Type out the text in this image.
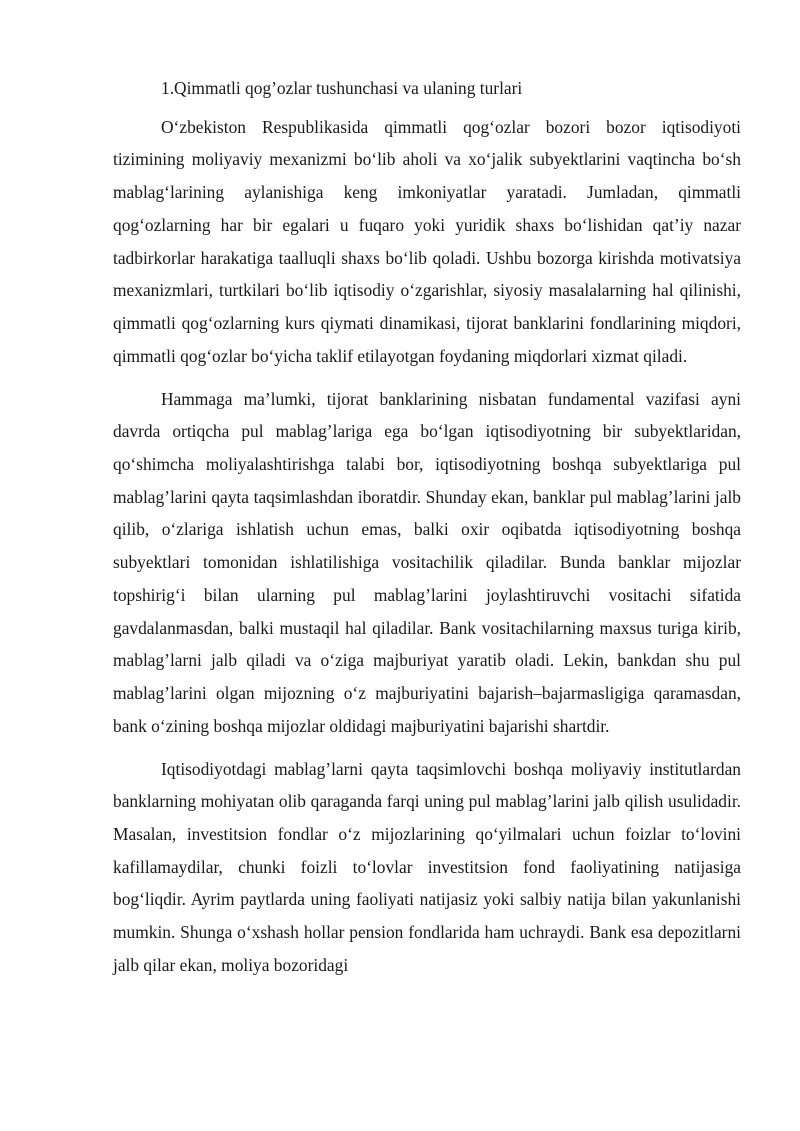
1.Qimmatli qog’ozlar tushunchasi va ulaning turlari

O‘zbekiston Respublikasida qimmatli qog‘ozlar bozori bozor iqtisodiyoti tizimining moliyaviy mexanizmi bo‘lib aholi va xo‘jalik subyektlarini vaqtincha bo‘sh mablag‘larining aylanishiga keng imkoniyatlar yaratadi. Jumladan, qimmatli qog‘ozlarning har bir egalari u fuqaro yoki yuridik shaxs bo‘lishidan qat’iy nazar tadbirkorlar harakatiga taalluqli shaxs bo‘lib qoladi. Ushbu bozorga kirishda motivatsiya mexanizmlari, turtkilari bo‘lib iqtisodiy o‘zgarishlar, siyosiy masalalarning hal qilinishi, qimmatli qog‘ozlarning kurs qiymati dinamikasi, tijorat banklarini fondlarining miqdori, qimmatli qog‘ozlar bo‘yicha taklif etilayotgan foydaning miqdorlari xizmat qiladi.

Hammaga ma’lumki, tijorat banklarining nisbatan fundamental vazifasi ayni davrda ortiqcha pul mablag’lariga ega bo‘lgan iqtisodiyotning bir subyektlaridan, qo‘shimcha moliyalashtirishga talabi bor, iqtisodiyotning boshqa subyektlariga pul mablag’larini qayta taqsimlashdan iboratdir. Shunday ekan, banklar pul mablag’larini jalb qilib, o‘zlariga ishlatish uchun emas, balki oxir oqibatda iqtisodiyotning boshqa subyektlari tomonidan ishlatilishiga vositachilik qiladilar. Bunda banklar mijozlar topshirig‘i bilan ularning pul mablag’larini joylashtiruvchi vositachi sifatida gavdalanmasdan, balki mustaqil hal qiladilar. Bank vositachilarning maxsus turiga kirib, mablag’larni jalb qiladi va o‘ziga majburiyat yaratib oladi. Lekin, bankdan shu pul mablag’larini olgan mijozning o‘z majburiyatini bajarish–bajarmasligiga qaramasdan, bank o‘zining boshqa mijozlar oldidagi majburiyatini bajarishi shartdir.

Iqtisodiyotdagi mablag’larni qayta taqsimlovchi boshqa moliyaviy institutlardan banklarning mohiyatan olib qaraganda farqi uning pul mablag’larini jalb qilish usulidadir. Masalan, investitsion fondlar o‘z mijozlarining qo‘yilmalari uchun foizlar to‘lovini kafillamaydilar, chunki foizli to‘lovlar investitsion fond faoliyatining natijasiga bog‘liqdir. Ayrim paytlarda uning faoliyati natijasiz yoki salbiy natija bilan yakunlanishi mumkin. Shunga o‘xshash hollar pension fondlarida ham uchraydi. Bank esa depozitlarni jalb qilar ekan, moliya bozoridagi
